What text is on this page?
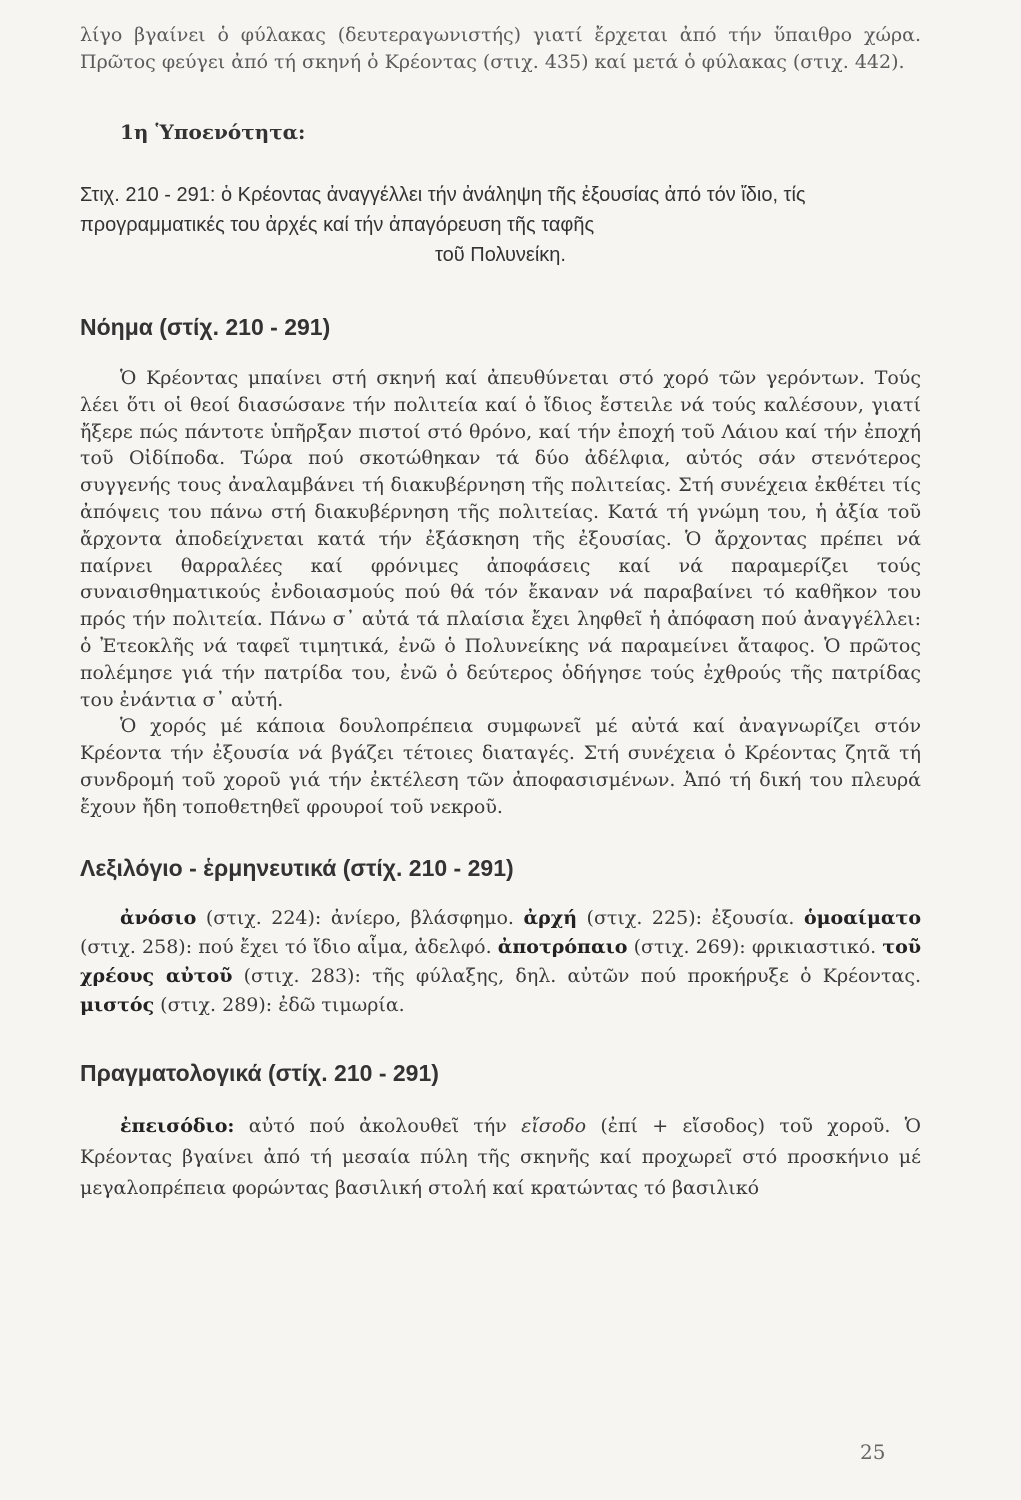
λίγο βγαίνει ὁ φύλακας (δευτεραγωνιστής) γιατί ἔρχεται ἀπό τήν ὕπαιθρο χώρα. Πρῶτος φεύγει ἀπό τή σκηνή ὁ Κρέοντας (στιχ. 435) καί μετά ὁ φύλακας (στιχ. 442).

1η Ὑποενότητα:
Στιχ. 210 - 291: ὁ Κρέοντας ἀναγγέλλει τήν ἀνάληψη τῆς ἐξουσίας ἀπό τόν ἴδιο, τίς προγραμματικές του ἀρχές καί τήν ἀπαγόρευση τῆς ταφῆς
τοῦ Πολυνείκη.
Νόημα (στίχ. 210 - 291)

Ὁ Κρέοντας μπαίνει στή σκηνή καί ἀπευθύνεται στό χορό τῶν γερόντων. Τούς λέει ὅτι οἱ θεοί διασώσανε τήν πολιτεία καί ὁ ἴδιος ἔστειλε νά τούς καλέσουν, γιατί ἤξερε πώς πάντοτε ὑπῆρξαν πιστοί στό θρόνο, καί τήν ἐποχή τοῦ Λάιου καί τήν ἐποχή τοῦ Οἰδίποδα. Τώρα πού σκοτώθηκαν τά δύο ἀδέλφια, αὐτός σάν στενότερος συγγενής τους ἀναλαμβάνει τή διακυβέρνηση τῆς πολιτείας. Στή συνέχεια ἐκθέτει τίς ἀπόψεις του πάνω στή διακυβέρνηση τῆς πολιτείας. Κατά τή γνώμη του, ἡ ἀξία τοῦ ἄρχοντα ἀποδείχνεται κατά τήν ἐξάσκηση τῆς ἐξουσίας. Ὁ ἄρχοντας πρέπει νά παίρνει θαρραλέες καί φρόνιμες ἀποφάσεις καί νά παραμερίζει τούς συναισθηματικούς ἐνδοιασμούς πού θά τόν ἔκαναν νά παραβαίνει τό καθῆκον του πρός τήν πολιτεία. Πάνω σ᾽ αὐτά τά πλαίσια ἔχει ληφθεῖ ἡ ἀπόφαση πού ἀναγγέλλει: ὁ Ἐτεοκλῆς νά ταφεῖ τιμητικά, ἐνῶ ὁ Πολυνείκης νά παραμείνει ἄταφος. Ὁ πρῶτος πολέμησε γιά τήν πατρίδα του, ἐνῶ ὁ δεύτερος ὁδήγησε τούς ἐχθρούς τῆς πατρίδας του ἐνάντια σ᾽ αὐτή.

Ὁ χορός μέ κάποια δουλοπρέπεια συμφωνεῖ μέ αὐτά καί ἀναγνωρίζει στόν Κρέοντα τήν ἐξουσία νά βγάζει τέτοιες διαταγές. Στή συνέχεια ὁ Κρέοντας ζητᾶ τή συνδρομή τοῦ χοροῦ γιά τήν ἐκτέλεση τῶν ἀποφασισμένων. Ἀπό τή δική του πλευρά ἔχουν ἤδη τοποθετηθεῖ φρουροί τοῦ νεκροῦ.

Λεξιλόγιο - ἑρμηνευτικά (στίχ. 210 - 291)

ἀνόσιο (στιχ. 224): ἀνίερο, βλάσφημο. ἀρχή (στιχ. 225): ἐξουσία. ὁμοαίματο (στιχ. 258): πού ἔχει τό ἴδιο αἷμα, ἀδελφό. ἀποτρόπαιο (στιχ. 269): φρικιαστικό. τοῦ χρέους αὐτοῦ (στιχ. 283): τῆς φύλαξης, δηλ. αὐτῶν πού προκήρυξε ὁ Κρέοντας. μιστός (στιχ. 289): ἐδῶ τιμωρία.

Πραγματολογικά (στίχ. 210 - 291)

ἐπεισόδιο: αὐτό πού ἀκολουθεῖ τήν εἴσοδο (ἐπί + εἴσοδος) τοῦ χοροῦ. Ὁ Κρέοντας βγαίνει ἀπό τή μεσαία πύλη τῆς σκηνῆς καί προχωρεῖ στό προσκήνιο μέ μεγαλοπρέπεια φορώντας βασιλική στολή καί κρατώντας τό βασιλικό

25
